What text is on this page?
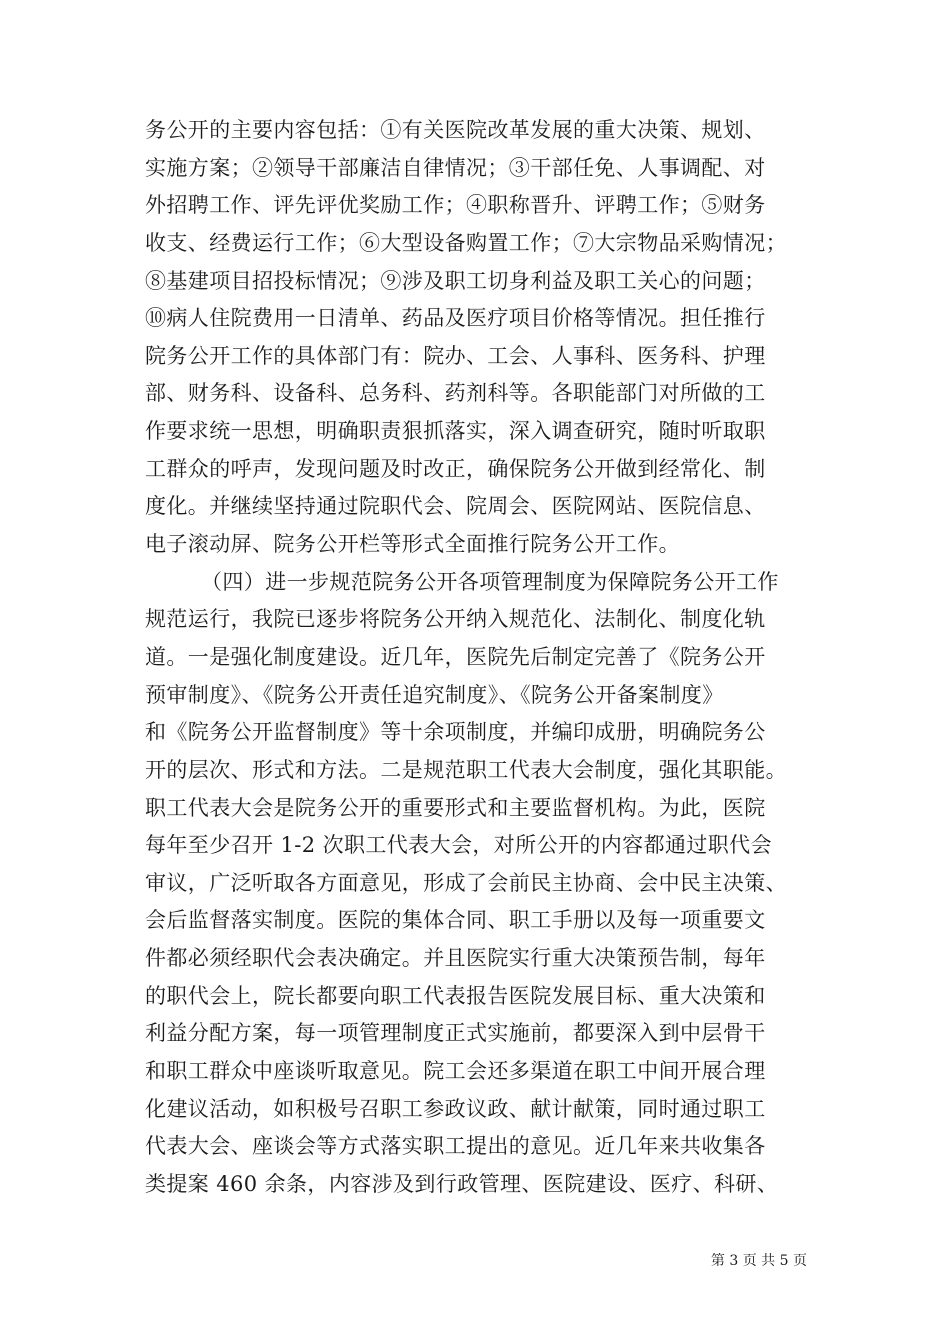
务公开的主要内容包括：①有关医院改革发展的重大决策、规划、
实施方案；②领导干部廉洁自律情况；③干部任免、人事调配、对
外招聘工作、评先评优奖励工作；④职称晋升、评聘工作；⑤财务
收支、经费运行工作；⑥大型设备购置工作；⑦大宗物品采购情况；
⑧基建项目招投标情况；⑨涉及职工切身利益及职工关心的问题；
⑩病人住院费用一日清单、药品及医疗项目价格等情况。担任推行
院务公开工作的具体部门有：院办、工会、人事科、医务科、护理
部、财务科、设备科、总务科、药剂科等。各职能部门对所做的工
作要求统一思想，明确职责狠抓落实，深入调查研究，随时听取职
工群众的呼声，发现问题及时改正，确保院务公开做到经常化、制
度化。并继续坚持通过院职代会、院周会、医院网站、医院信息、
电子滚动屏、院务公开栏等形式全面推行院务公开工作。
（四）进一步规范院务公开各项管理制度为保障院务公开工作
规范运行，我院已逐步将院务公开纳入规范化、法制化、制度化轨
道。一是强化制度建设。近几年，医院先后制定完善了《院务公开
预审制度》、《院务公开责任追究制度》、《院务公开备案制度》
和《院务公开监督制度》等十余项制度，并编印成册，明确院务公
开的层次、形式和方法。二是规范职工代表大会制度，强化其职能。
职工代表大会是院务公开的重要形式和主要监督机构。为此，医院
每年至少召开 1-2 次职工代表大会，对所公开的内容都通过职代会
审议，广泛听取各方面意见，形成了会前民主协商、会中民主决策、
会后监督落实制度。医院的集体合同、职工手册以及每一项重要文
件都必须经职代会表决确定。并且医院实行重大决策预告制，每年
的职代会上，院长都要向职工代表报告医院发展目标、重大决策和
利益分配方案，每一项管理制度正式实施前，都要深入到中层骨干
和职工群众中座谈听取意见。院工会还多渠道在职工中间开展合理
化建议活动，如积极号召职工参政议政、献计献策，同时通过职工
代表大会、座谈会等方式落实职工提出的意见。近几年来共收集各
类提案 460 余条，内容涉及到行政管理、医院建设、医疗、科研、
第 3 页 共 5 页
